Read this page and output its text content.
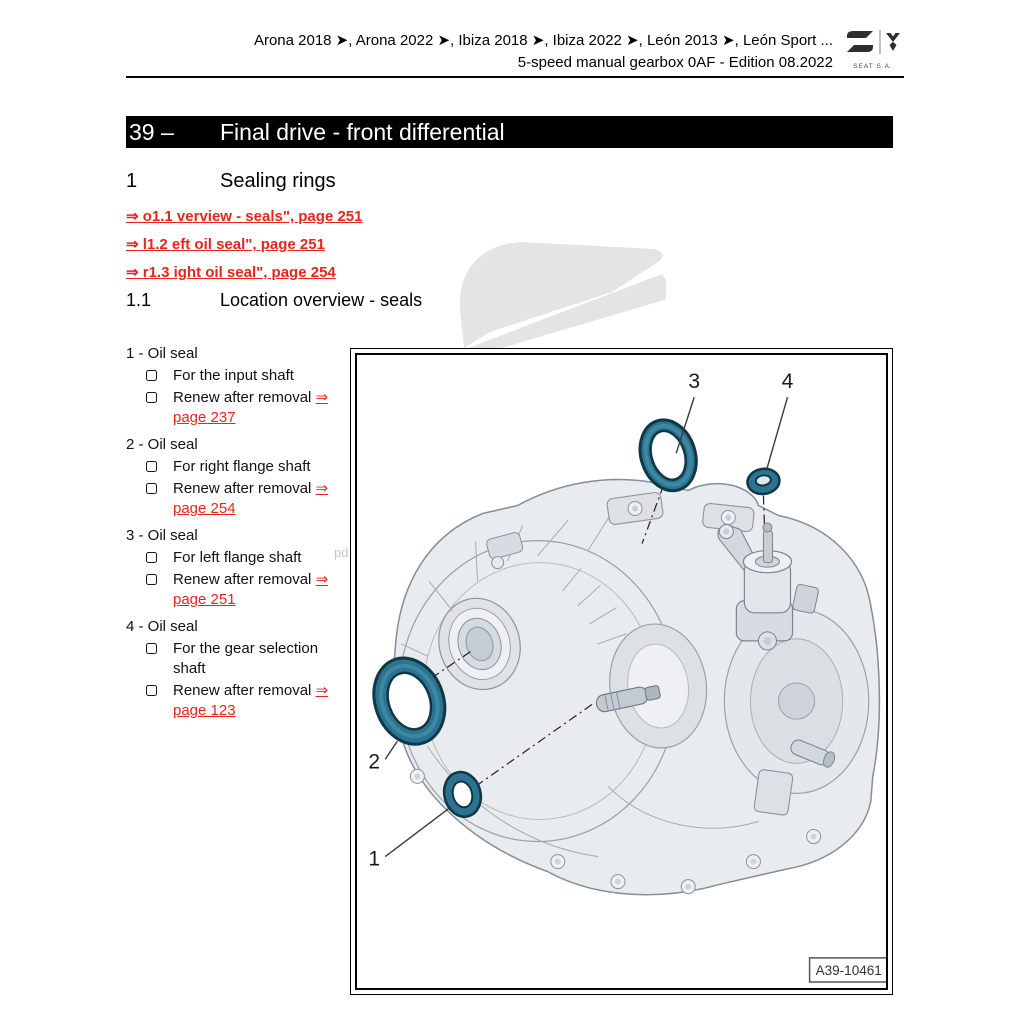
Arona 2018 ➤, Arona 2022 ➤, Ibiza 2018 ➤, Ibiza 2022 ➤, León 2013 ➤, León Sport ...
5-speed manual gearbox 0AF - Edition 08.2022	SEAT S.A.
39 –	Final drive - front differential
1	Sealing rings
⇒ o1.1 verview - seals", page 251
⇒ l1.2 eft oil seal", page 251
⇒ r1.3 ight oil seal", page 254
1.1	Location overview - seals
pd
1 - Oil seal
For the input shaft
Renew after removal ⇒
page 237
2 - Oil seal
For right flange shaft
Renew after removal ⇒
page 254
3 - Oil seal
For left flange shaft
Renew after removal ⇒
page 251
4 - Oil seal
For the gear selection shaft
Renew after removal ⇒
page 123
3	4
2
1
A39-10461
